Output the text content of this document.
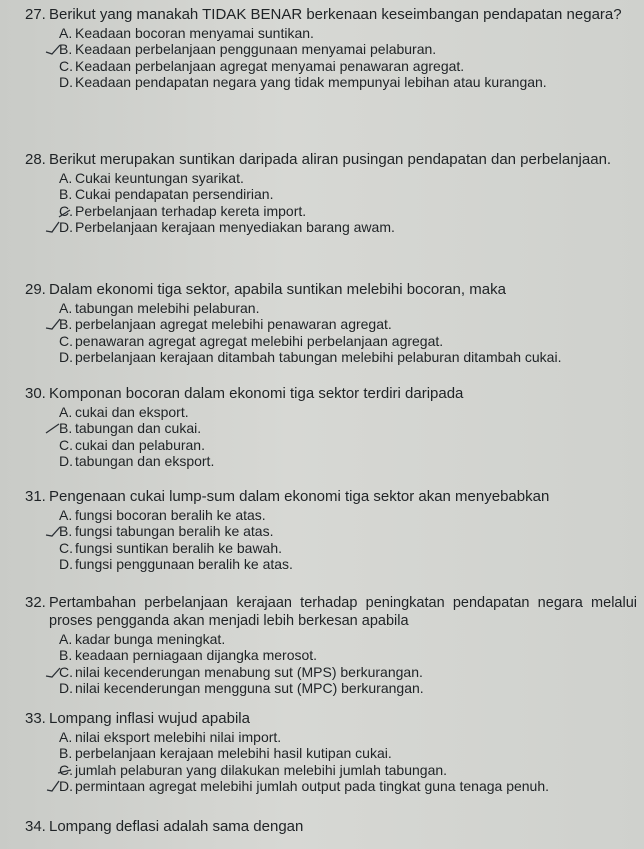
27. Berikut yang manakah TIDAK BENAR berkenaan keseimbangan pendapatan negara?
A. Keadaan bocoran menyamai suntikan.
B. Keadaan perbelanjaan penggunaan menyamai pelaburan.
C. Keadaan perbelanjaan agregat menyamai penawaran agregat.
D. Keadaan pendapatan negara yang tidak mempunyai lebihan atau kurangan.
28. Berikut merupakan suntikan daripada aliran pusingan pendapatan dan perbelanjaan.
A. Cukai keuntungan syarikat.
B. Cukai pendapatan persendirian.
C. Perbelanjaan terhadap kereta import.
D. Perbelanjaan kerajaan menyediakan barang awam.
29. Dalam ekonomi tiga sektor, apabila suntikan melebihi bocoran, maka
A. tabungan melebihi pelaburan.
B. perbelanjaan agregat melebihi penawaran agregat.
C. penawaran agregat agregat melebihi perbelanjaan agregat.
D. perbelanjaan kerajaan ditambah tabungan melebihi pelaburan ditambah cukai.
30. Komponan bocoran dalam ekonomi tiga sektor terdiri daripada
A. cukai dan eksport.
B. tabungan dan cukai.
C. cukai dan pelaburan.
D. tabungan dan eksport.
31. Pengenaan cukai lump-sum dalam ekonomi tiga sektor akan menyebabkan
A. fungsi bocoran beralih ke atas.
B. fungsi tabungan beralih ke atas.
C. fungsi suntikan beralih ke bawah.
D. fungsi penggunaan beralih ke atas.
32. Pertambahan perbelanjaan kerajaan terhadap peningkatan pendapatan negara melalui proses pengganda akan menjadi lebih berkesan apabila
A. kadar bunga meningkat.
B. keadaan perniagaan dijangka merosot.
C. nilai kecenderungan menabung sut (MPS) berkurangan.
D. nilai kecenderungan mengguna sut (MPC) berkurangan.
33. Lompang inflasi wujud apabila
A. nilai eksport melebihi nilai import.
B. perbelanjaan kerajaan melebihi hasil kutipan cukai.
C. jumlah pelaburan yang dilakukan melebihi jumlah tabungan.
D. permintaan agregat melebihi jumlah output pada tingkat guna tenaga penuh.
34. Lompang deflasi adalah sama dengan
